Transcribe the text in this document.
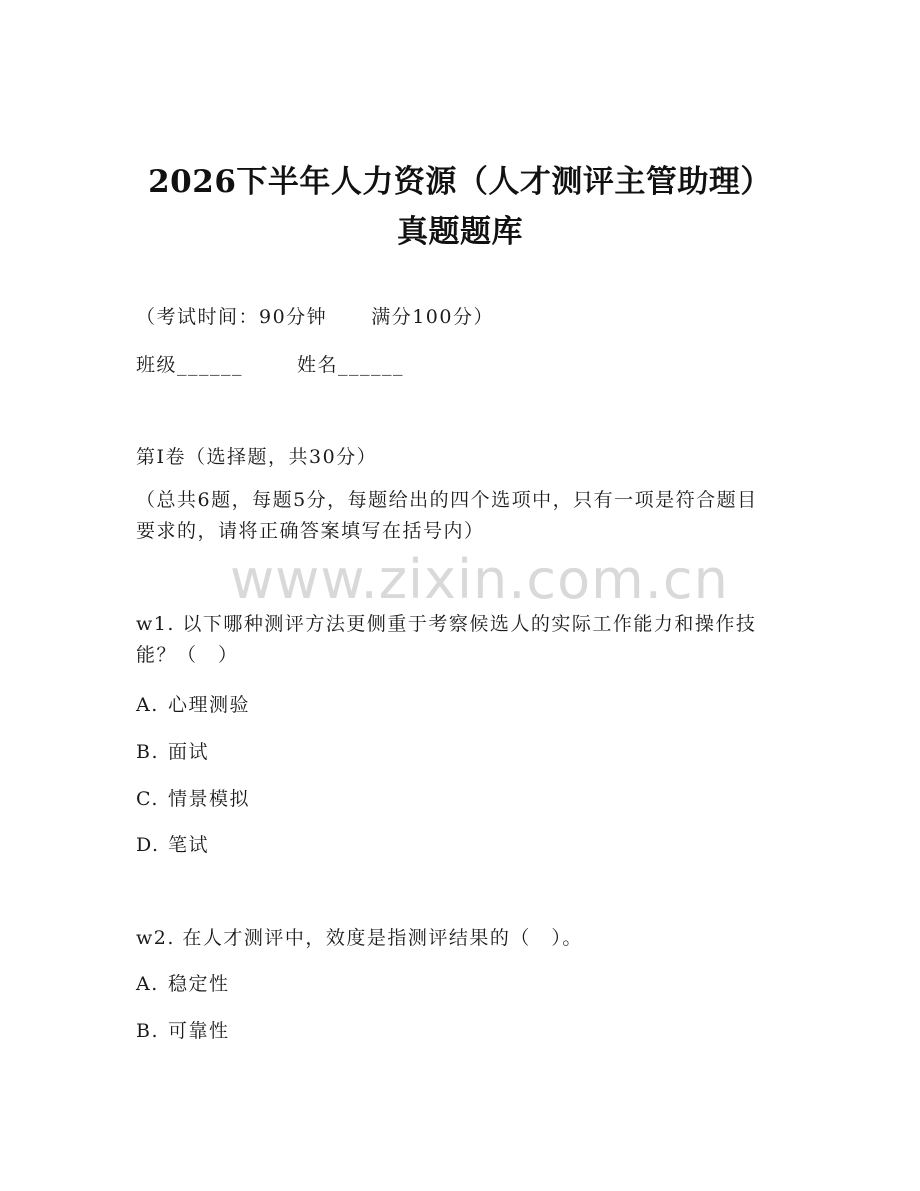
2026下半年人力资源（人才测评主管助理）
真题题库
（考试时间：90分钟 满分100分）
班级______	姓名______
第Ⅰ卷（选择题，共30分）
（总共6题，每题5分，每题给出的四个选项中，只有一项是符合题目要求的，请将正确答案填写在括号内）
www.zixin.com.cn
w1. 以下哪种测评方法更侧重于考察候选人的实际工作能力和操作技能？（　）
A. 心理测验
B. 面试
C. 情景模拟
D. 笔试
w2. 在人才测评中，效度是指测评结果的（　）。
A. 稳定性
B. 可靠性
